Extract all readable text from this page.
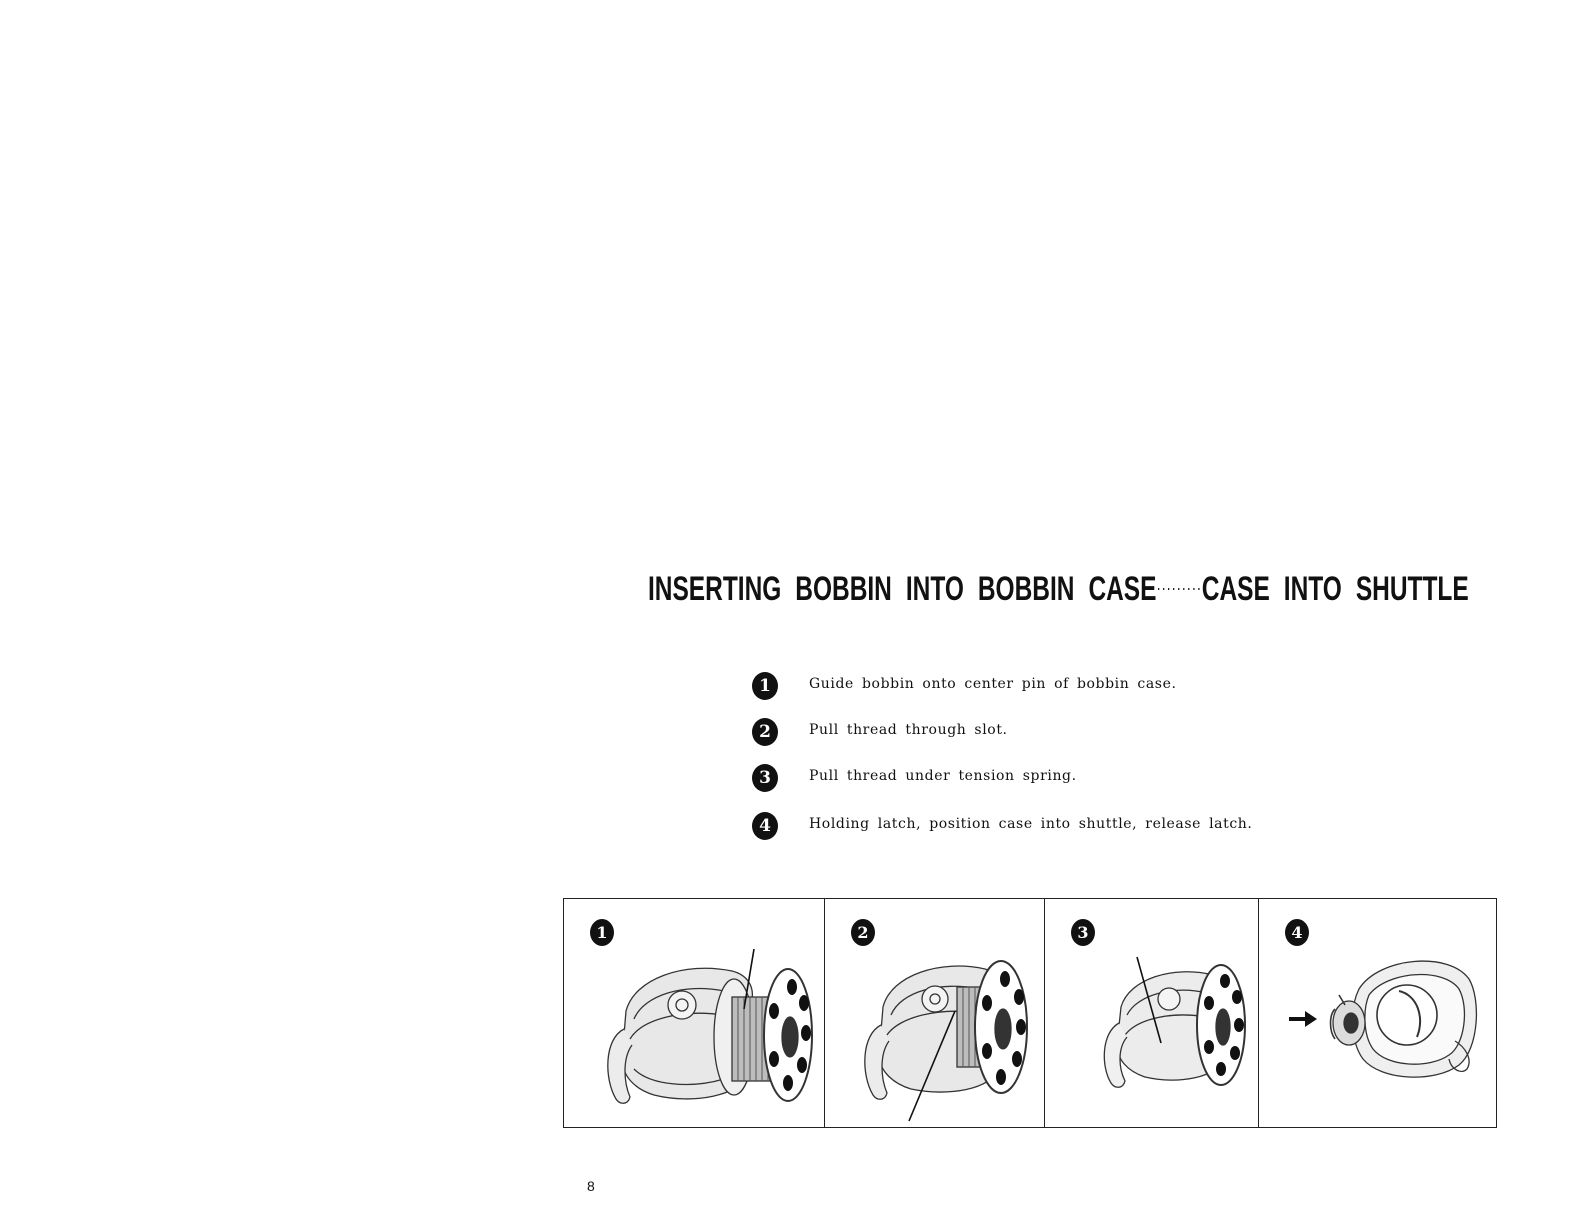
INSERTING BOBBIN INTO BOBBIN CASE·········CASE INTO SHUTTLE
1	Guide bobbin onto center pin of bobbin case.
2	Pull thread through slot.
3	Pull thread under tension spring.
4	Holding latch, position case into shuttle, release latch.
1	2	3	4
8
